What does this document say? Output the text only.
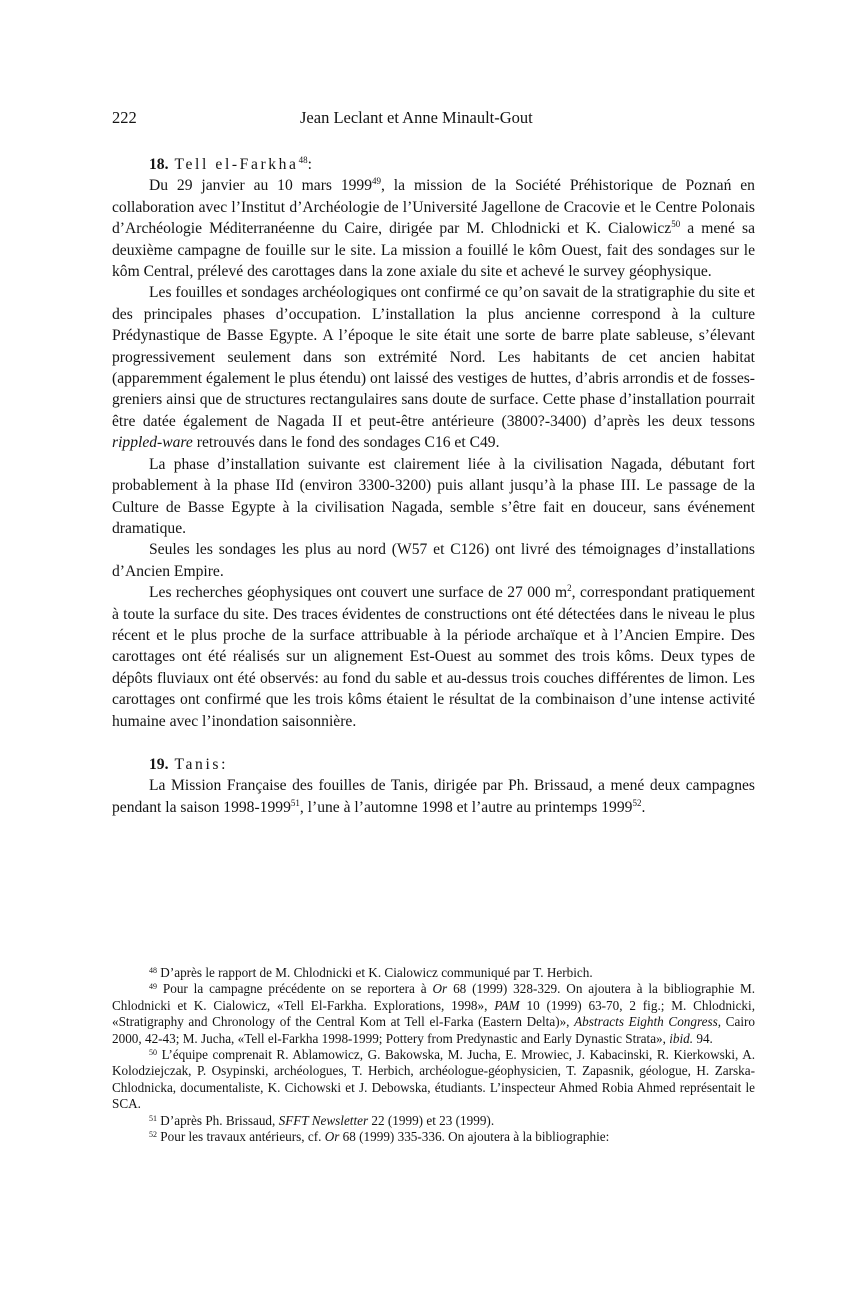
222	Jean Leclant et Anne Minault-Gout

18. Tell el-Farkha$^{48}$:

Du 29 janvier au 10 mars 1999$^{49}$, la mission de la Société Préhistorique de Poznań en collaboration avec l’Institut d’Archéologie de l’Université Jagellone de Cracovie et le Centre Polonais d’Archéologie Méditerranéenne du Caire, dirigée par M. Chlodnicki et K. Cialowicz$^{50}$ a mené sa deuxième campagne de fouille sur le site. La mission a fouillé le kôm Ouest, fait des sondages sur le kôm Central, prélevé des carottages dans la zone axiale du site et achevé le survey géophysique.

Les fouilles et sondages archéologiques ont confirmé ce qu’on savait de la stratigraphie du site et des principales phases d’occupation. L’installation la plus ancienne correspond à la culture Prédynastique de Basse Egypte. A l’époque le site était une sorte de barre plate sableuse, s’élevant progressivement seulement dans son extrémité Nord. Les habitants de cet ancien habitat (apparemment également le plus étendu) ont laissé des vestiges de huttes, d’abris arrondis et de fosses-greniers ainsi que de structures rectangulaires sans doute de surface. Cette phase d’installation pourrait être datée également de Nagada II et peut-être antérieure (3800?-3400) d’après les deux tessons rippled-ware retrouvés dans le fond des sondages C16 et C49.

La phase d’installation suivante est clairement liée à la civilisation Nagada, débutant fort probablement à la phase IId (environ 3300-3200) puis allant jusqu’à la phase III. Le passage de la Culture de Basse Egypte à la civilisation Nagada, semble s’être fait en douceur, sans événement dramatique.

Seules les sondages les plus au nord (W57 et C126) ont livré des témoignages d’installations d’Ancien Empire.

Les recherches géophysiques ont couvert une surface de 27 000 $m^2$, correspondant pratiquement à toute la surface du site. Des traces évidentes de constructions ont été détectées dans le niveau le plus récent et le plus proche de la surface attribuable à la période archaïque et à l’Ancien Empire. Des carottages ont été réalisés sur un alignement Est-Ouest au sommet des trois kôms. Deux types de dépôts fluviaux ont été observés: au fond du sable et au-dessus trois couches différentes de limon. Les carottages ont confirmé que les trois kôms étaient le résultat de la combinaison d’une intense activité humaine avec l’inondation saisonnière.

19. Tanis:

La Mission Française des fouilles de Tanis, dirigée par Ph. Brissaud, a mené deux campagnes pendant la saison 1998-1999$^{51}$, l’une à l’automne 1998 et l’autre au printemps 1999$^{52}$.

$^{48}$ D’après le rapport de M. Chlodnicki et K. Cialowicz communiqué par T. Herbich.

$^{49}$ Pour la campagne précédente on se reportera à Or 68 (1999) 328-329. On ajoutera à la bibliographie M. Chlodnicki et K. Cialowicz, «Tell El-Farkha. Explorations, 1998», PAM 10 (1999) 63-70, 2 fig.; M. Chlodnicki, «Stratigraphy and Chronology of the Central Kom at Tell el-Farka (Eastern Delta)», Abstracts Eighth Congress, Cairo 2000, 42-43; M. Jucha, «Tell el-Farkha 1998-1999; Pottery from Predynastic and Early Dynastic Strata», ibid. 94.

$^{50}$ L’équipe comprenait R. Ablamowicz, G. Bakowska, M. Jucha, E. Mrowiec, J. Kabacinski, R. Kierkowski, A. Kolodziejczak, P. Osypinski, archéologues, T. Herbich, archéologue-géophysicien, T. Zapasnik, géologue, H. Zarska-Chlodnicka, documentaliste, K. Cichowski et J. Debowska, étudiants. L’inspecteur Ahmed Robia Ahmed représentait le SCA.

$^{51}$ D’après Ph. Brissaud, SFFT Newsletter 22 (1999) et 23 (1999).

$^{52}$ Pour les travaux antérieurs, cf. Or 68 (1999) 335-336. On ajoutera à la bibliographie:
